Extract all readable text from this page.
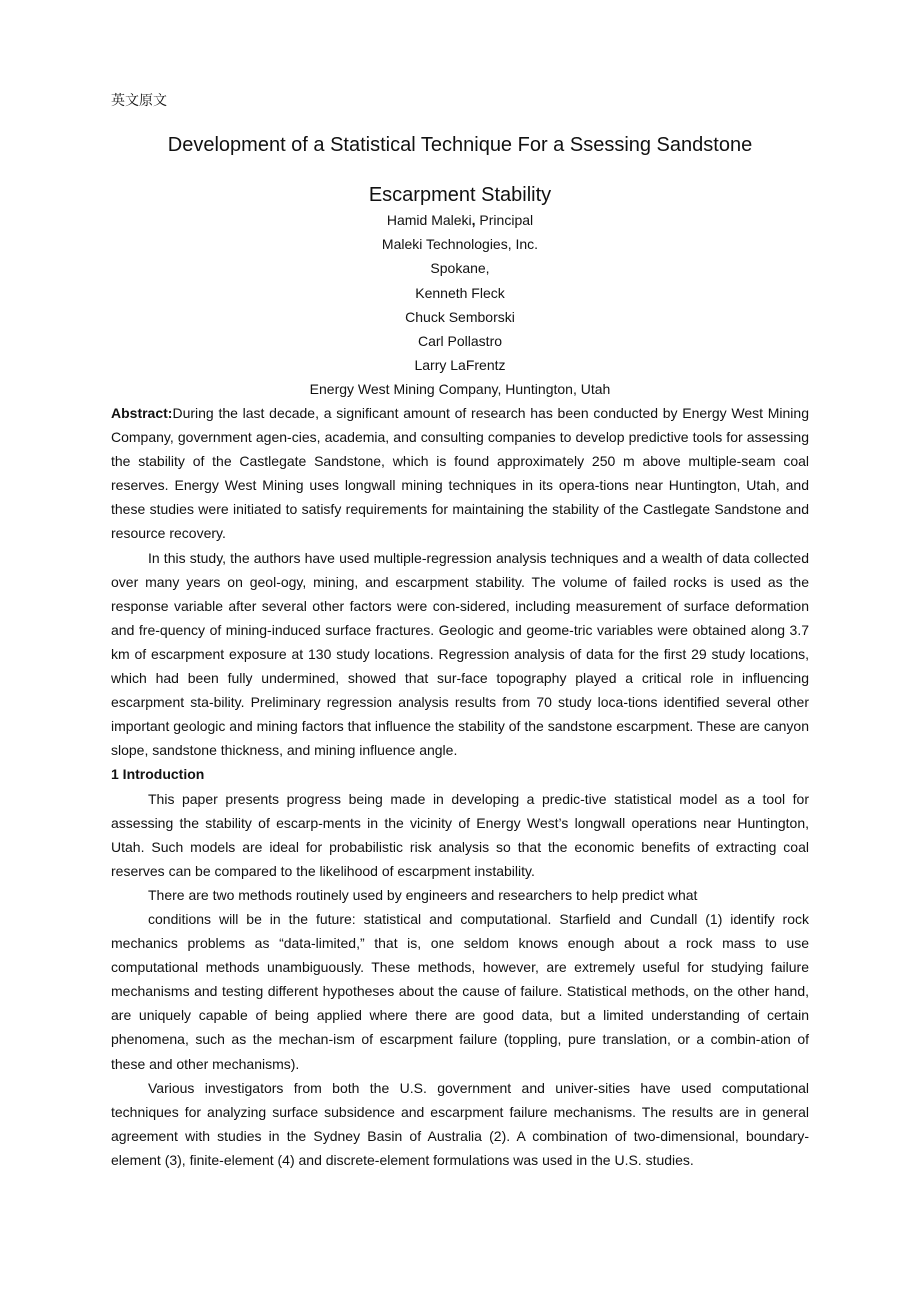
英文原文
Development of a Statistical Technique For a Ssessing Sandstone
Escarpment Stability
Hamid Maleki, Principal
Maleki Technologies, Inc.
Spokane,
Kenneth Fleck
Chuck Semborski
Carl Pollastro
Larry LaFrentz
Energy West Mining Company, Huntington, Utah

Abstract:During the last decade, a significant amount of research has been conducted by Energy West Mining Company, government agen-cies, academia, and consulting companies to develop predictive tools for assessing the stability of the Castlegate Sandstone, which is found approximately 250 m above multiple-seam coal reserves. Energy West Mining uses longwall mining techniques in its opera-tions near Huntington, Utah, and these studies were initiated to satisfy requirements for maintaining the stability of the Castlegate Sandstone and resource recovery.

In this study, the authors have used multiple-regression analysis techniques and a wealth of data collected over many years on geol-ogy, mining, and escarpment stability. The volume of failed rocks is used as the response variable after several other factors were con-sidered, including measurement of surface deformation and fre-quency of mining-induced surface fractures. Geologic and geome-tric variables were obtained along 3.7 km of escarpment exposure at 130 study locations. Regression analysis of data for the first 29 study locations, which had been fully undermined, showed that sur-face topography played a critical role in influencing escarpment sta-bility. Preliminary regression analysis results from 70 study loca-tions identified several other important geologic and mining factors that influence the stability of the sandstone escarpment. These are canyon slope, sandstone thickness, and mining influence angle.

1 Introduction

This paper presents progress being made in developing a predic-tive statistical model as a tool for assessing the stability of escarp-ments in the vicinity of Energy West’s longwall operations near Huntington, Utah. Such models are ideal for probabilistic risk analysis so that the economic benefits of extracting coal reserves can be compared to the likelihood of escarpment instability.

There are two methods routinely used by engineers and researchers to help predict what

conditions will be in the future: statistical and computational. Starfield and Cundall (1) identify rock mechanics problems as “data-limited,” that is, one seldom knows enough about a rock mass to use computational methods unambiguously. These methods, however, are extremely useful for studying failure mechanisms and testing different hypotheses about the cause of failure. Statistical methods, on the other hand, are uniquely capable of being applied where there are good data, but a limited understanding of certain phenomena, such as the mechan-ism of escarpment failure (toppling, pure translation, or a combin-ation of these and other mechanisms).

Various investigators from both the U.S. government and univer-sities have used computational techniques for analyzing surface subsidence and escarpment failure mechanisms. The results are in general agreement with studies in the Sydney Basin of Australia (2). A combination of two-dimensional, boundary-element (3), finite-element (4) and discrete-element formulations was used in the U.S. studies.
